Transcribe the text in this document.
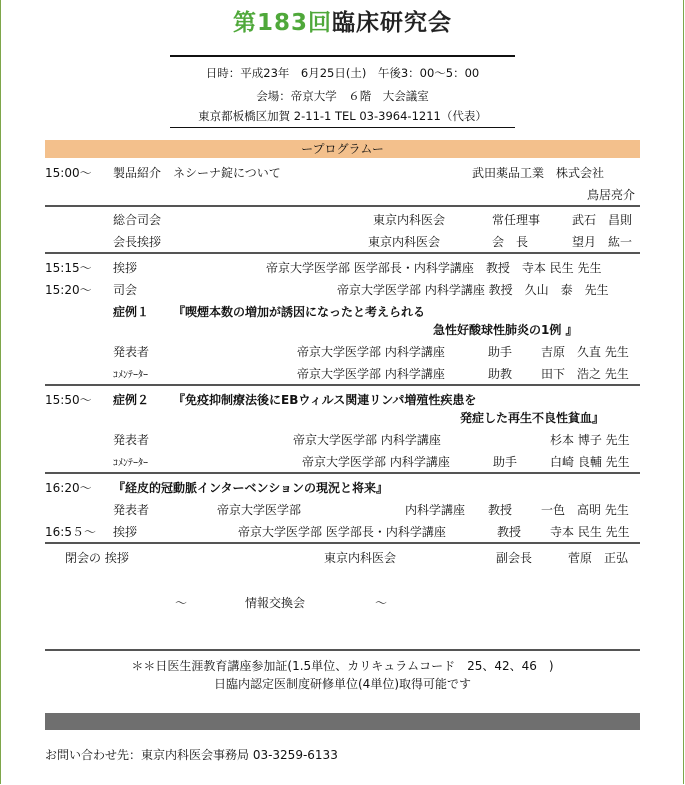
第183回臨床研究会
日時：平成23年　6月25日(土)　午後3：00〜5：00
会場：帝京大学　６階　大会議室
東京都板橋区加賀 2-11-1 TEL 03-3964-1211（代表）
ープログラムー
15:00〜 製品紹介 ネシーナ錠について	武田薬品工業　株式会社
鳥居亮介
総合司会	東京内科医会	常任理事	武石　昌則
会長挨拶	東京内科医会	会　長	望月　紘一
15:15〜 挨拶	帝京大学医学部 医学部長・内科学講座　教授　寺本 民生 先生
15:20〜 司会	帝京大学医学部 内科学講座 教授　久山　泰　先生
症例１ 『喫煙本数の増加が誘因になったと考えられる
急性好酸球性肺炎の1例 』
発表者	帝京大学医学部 内科学講座	助手 吉原　久直 先生
ｺﾒﾝﾃｰﾀｰ	帝京大学医学部 内科学講座	助教 田下　浩之 先生
15:50〜 症例２ 『免疫抑制療法後にEBウィルス関連リンパ増殖性疾患を
発症した再生不良性貧血』
発表者	帝京大学医学部 内科学講座	杉本 博子 先生
ｺﾒﾝﾃｰﾀｰ	帝京大学医学部 内科学講座	助手	白崎 良輔 先生
16:20〜 『経皮的冠動脈インターベンションの現況と将来』
発表者	帝京大学医学部	内科学講座 教授 一色　高明 先生
16:5５〜 挨拶	帝京大学医学部 医学部長・内科学講座	教授 寺本 民生 先生
閉会の 挨拶	東京内科医会	副会長	菅原　正弘
〜	情報交換会	〜
＊＊日医生涯教育講座参加証(1.5単位、カリキュラムコード　25、42、46　)
日臨内認定医制度研修単位(4単位)取得可能です
お問い合わせ先：東京内科医会事務局 03-3259-6133
